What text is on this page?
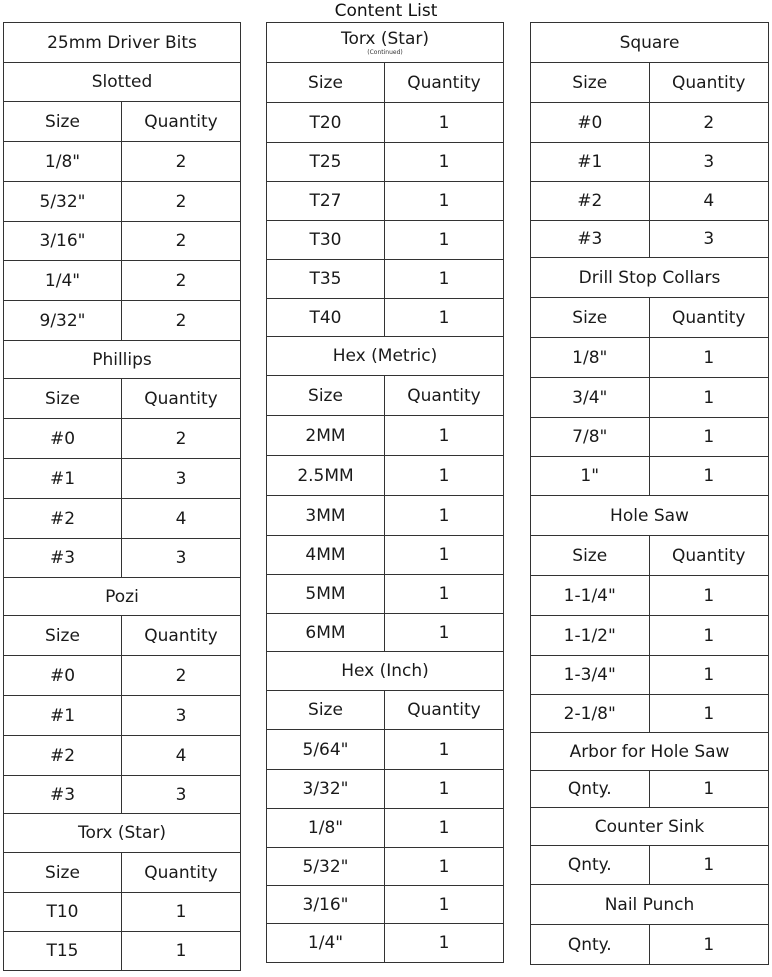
Content List
25mm Driver Bits
Slotted
Size	Quantity
1/8"	2
5/32"	2
3/16"	2
1/4"	2
9/32"	2
Phillips
Size	Quantity
#0	2
#1	3
#2	4
#3	3
Pozi
Size	Quantity
#0	2
#1	3
#2	4
#3	3
Torx (Star)
Size	Quantity
T10	1
T15	1
Torx (Star)
(Continued)
Size	Quantity
T20	1
T25	1
T27	1
T30	1
T35	1
T40	1
Hex (Metric)
Size	Quantity
2MM	1
2.5MM	1
3MM	1
4MM	1
5MM	1
6MM	1
Hex (Inch)
Size	Quantity
5/64"	1
3/32"	1
1/8"	1
5/32"	1
3/16"	1
1/4"	1
Square
Size	Quantity
#0	2
#1	3
#2	4
#3	3
Drill Stop Collars
Size	Quantity
1/8"	1
3/4"	1
7/8"	1
1"	1
Hole Saw
Size	Quantity
1-1/4"	1
1-1/2"	1
1-3/4"	1
2-1/8"	1
Arbor for Hole Saw
Qnty.	1
Counter Sink
Qnty.	1
Nail Punch
Qnty.	1
